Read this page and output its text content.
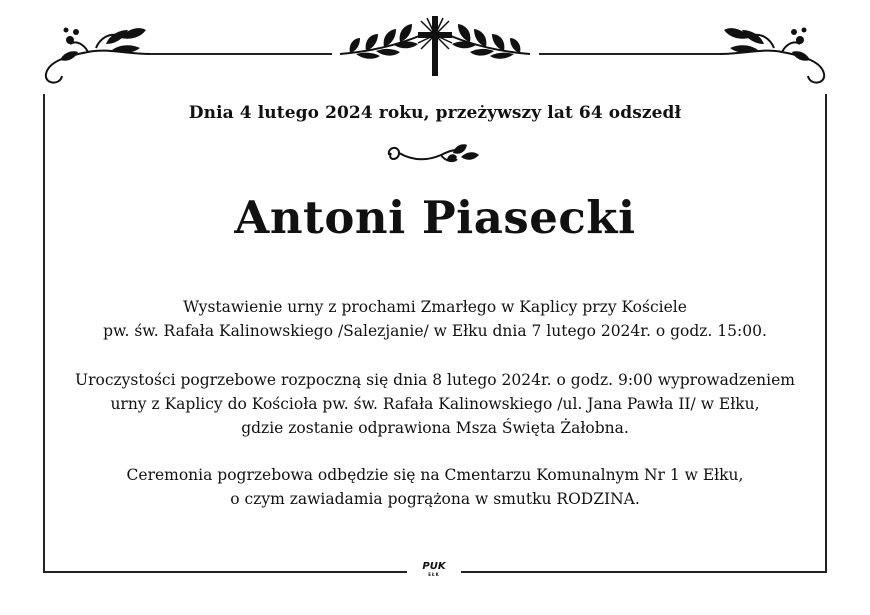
Dnia 4 lutego 2024 roku, przeżywszy lat 64 odszedł
Antoni Piasecki
Wystawienie urny z prochami Zmarłego w Kaplicy przy Kościele
pw. św. Rafała Kalinowskiego /Salezjanie/ w Ełku dnia 7 lutego 2024r. o godz. 15:00.
Uroczystości pogrzebowe rozpoczną się dnia 8 lutego 2024r. o godz. 9:00 wyprowadzeniem
urny z Kaplicy do Kościoła pw. św. Rafała Kalinowskiego /ul. Jana Pawła II/ w Ełku,
gdzie zostanie odprawiona Msza Święta Żałobna.
Ceremonia pogrzebowa odbędzie się na Cmentarzu Komunalnym Nr 1 w Ełku,
o czym zawiadamia pogrążona w smutku RODZINA.
PUK
EŁK
